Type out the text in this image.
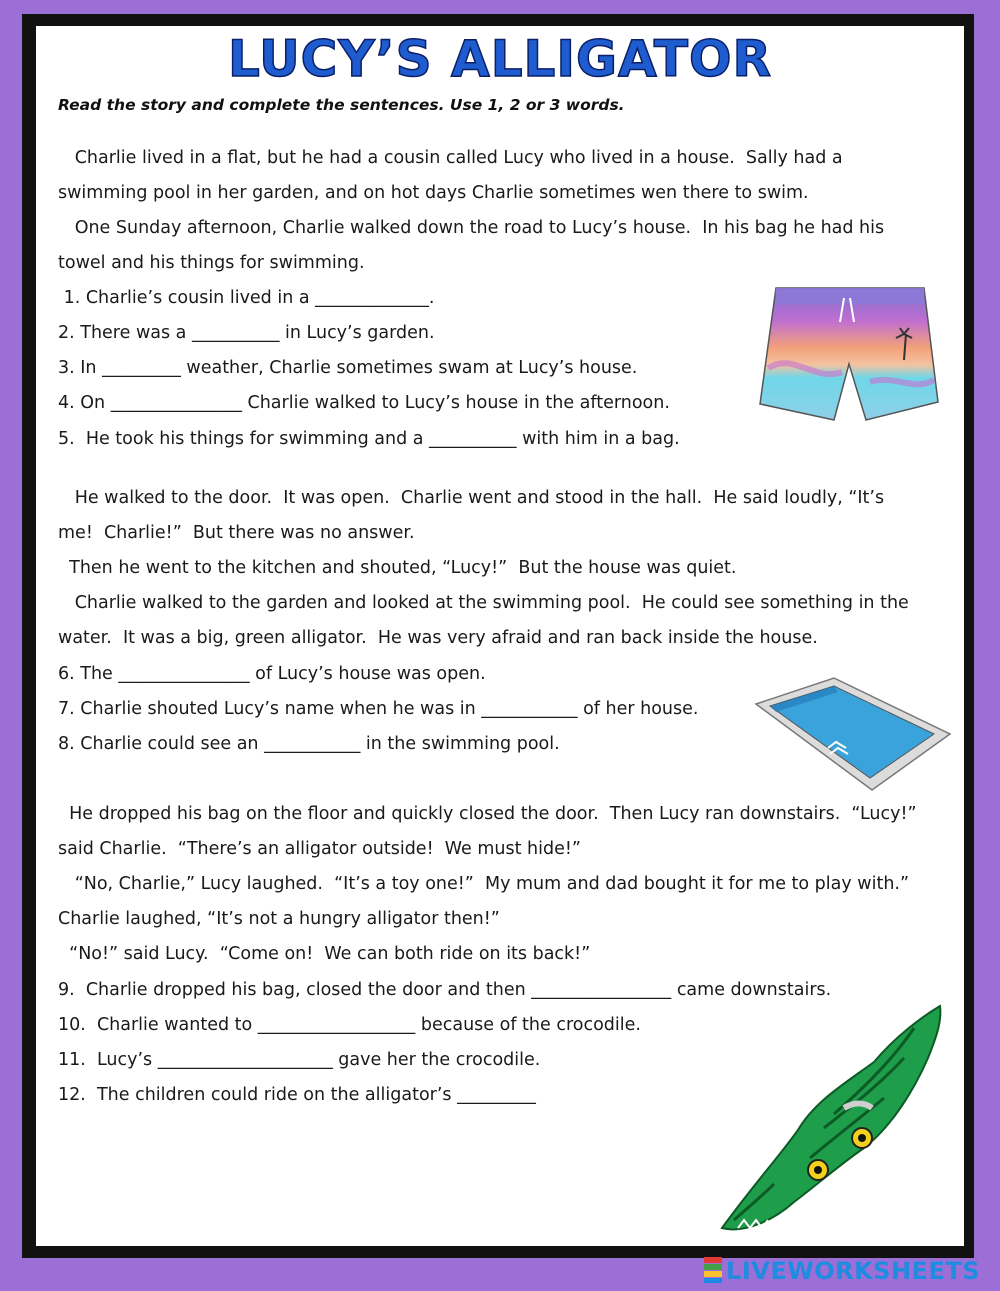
LUCY’S ALLIGATOR
Read the story and complete the sentences. Use 1, 2 or 3 words.
Charlie lived in a flat, but he had a cousin called Lucy who lived in a house.  Sally had a
swimming pool in her garden, and on hot days Charlie sometimes wen there to swim.
One Sunday afternoon, Charlie walked down the road to Lucy’s house.  In his bag he had his
towel and his things for swimming.
1. Charlie’s cousin lived in a _____________.
2. There was a __________ in Lucy’s garden.
3. In _________ weather, Charlie sometimes swam at Lucy’s house.
4. On _______________ Charlie walked to Lucy’s house in the afternoon.
5.  He took his things for swimming and a __________ with him in a bag.
He walked to the door.  It was open.  Charlie went and stood in the hall.  He said loudly, “It’s
me!  Charlie!”  But there was no answer.
Then he went to the kitchen and shouted, “Lucy!”  But the house was quiet.
Charlie walked to the garden and looked at the swimming pool.  He could see something in the
water.  It was a big, green alligator.  He was very afraid and ran back inside the house.
6. The _______________ of Lucy’s house was open.
7. Charlie shouted Lucy’s name when he was in ___________ of her house.
8. Charlie could see an ___________ in the swimming pool.
He dropped his bag on the floor and quickly closed the door.  Then Lucy ran downstairs.  “Lucy!”
said Charlie.  “There’s an alligator outside!  We must hide!”
“No, Charlie,” Lucy laughed.  “It’s a toy one!”  My mum and dad bought it for me to play with.”
Charlie laughed, “It’s not a hungry alligator then!”
“No!” said Lucy.  “Come on!  We can both ride on its back!”
9.  Charlie dropped his bag, closed the door and then ________________ came downstairs.
10.  Charlie wanted to __________________ because of the crocodile.
11.  Lucy’s ____________________ gave her the crocodile.
12.  The children could ride on the alligator’s _________
LIVEWORKSHEETS
